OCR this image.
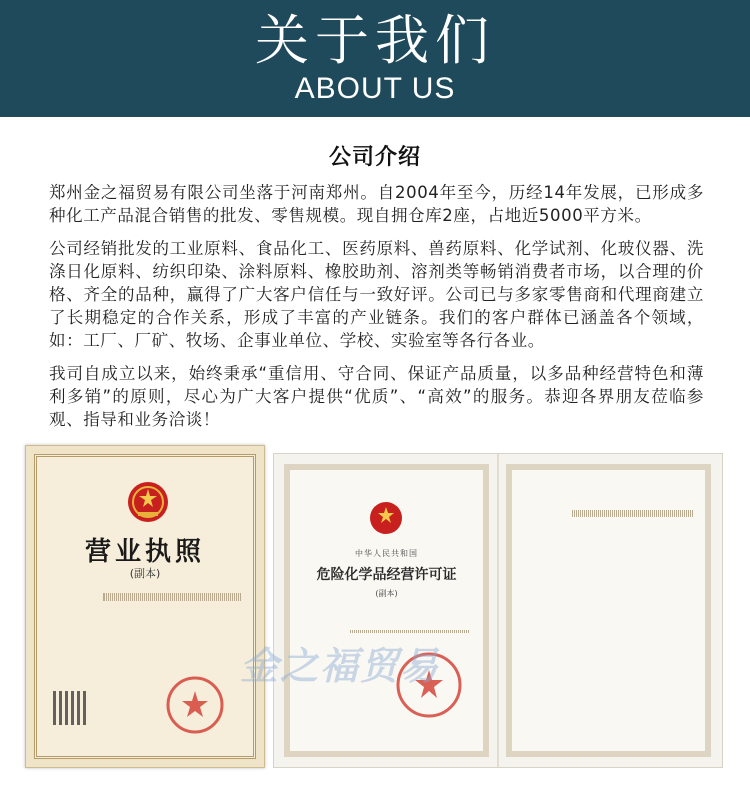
关于我们
ABOUT US
公司介绍

郑州金之福贸易有限公司坐落于河南郑州。自2004年至今，历经14年发展，已形成多种化工产品混合销售的批发、零售规模。现自拥仓库2座，占地近5000平方米。

公司经销批发的工业原料、食品化工、医药原料、兽药原料、化学试剂、化玻仪器、洗涤日化原料、纺织印染、涂料原料、橡胶助剂、溶剂类等畅销消费者市场，以合理的价格、齐全的品种，赢得了广大客户信任与一致好评。公司已与多家零售商和代理商建立了长期稳定的合作关系，形成了丰富的产业链条。我们的客户群体已涵盖各个领域，如：工厂、厂矿、牧场、企事业单位、学校、实验室等各行各业。

我司自成立以来，始终秉承“重信用、守合同、保证产品质量，以多品种经营特色和薄利多销”的原则，尽心为广大客户提供“优质”、“高效”的服务。恭迎各界朋友莅临参观、指导和业务洽谈！

营业执照
(副本)
中华人民共和国
危险化学品经营许可证
(副本)
金之福贸易
